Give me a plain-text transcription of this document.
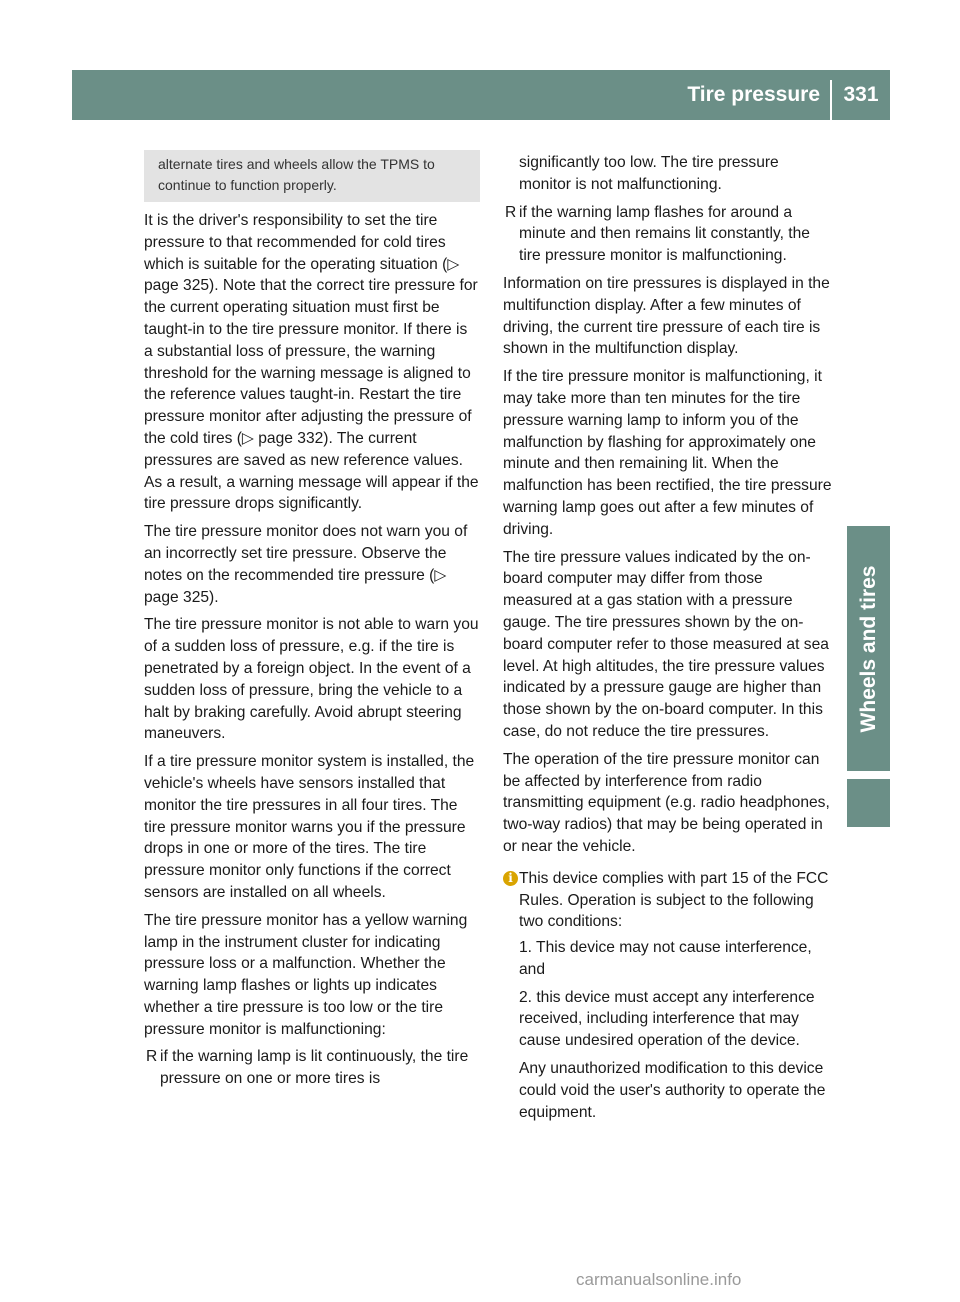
Tire pressure 331
Wheels and tires
alternate tires and wheels allow the TPMS to continue to function properly.

It is the driver's responsibility to set the tire pressure to that recommended for cold tires which is suitable for the operating situation (▷ page 325). Note that the correct tire pressure for the current operating situation must first be taught-in to the tire pressure monitor. If there is a substantial loss of pressure, the warning threshold for the warning message is aligned to the reference values taught-in. Restart the tire pressure monitor after adjusting the pressure of the cold tires (▷ page 332). The current pressures are saved as new reference values. As a result, a warning message will appear if the tire pressure drops significantly.

The tire pressure monitor does not warn you of an incorrectly set tire pressure. Observe the notes on the recommended tire pressure (▷ page 325).

The tire pressure monitor is not able to warn you of a sudden loss of pressure, e.g. if the tire is penetrated by a foreign object. In the event of a sudden loss of pressure, bring the vehicle to a halt by braking carefully. Avoid abrupt steering maneuvers.

If a tire pressure monitor system is installed, the vehicle's wheels have sensors installed that monitor the tire pressures in all four tires. The tire pressure monitor warns you if the pressure drops in one or more of the tires. The tire pressure monitor only functions if the correct sensors are installed on all wheels.

The tire pressure monitor has a yellow warning lamp in the instrument cluster for indicating pressure loss or a malfunction. Whether the warning lamp flashes or lights up indicates whether a tire pressure is too low or the tire pressure monitor is malfunctioning:

R if the warning lamp is lit continuously, the tire pressure on one or more tires is
significantly too low. The tire pressure monitor is not malfunctioning.
R if the warning lamp flashes for around a minute and then remains lit constantly, the tire pressure monitor is malfunctioning.

Information on tire pressures is displayed in the multifunction display. After a few minutes of driving, the current tire pressure of each tire is shown in the multifunction display.

If the tire pressure monitor is malfunctioning, it may take more than ten minutes for the tire pressure warning lamp to inform you of the malfunction by flashing for approximately one minute and then remaining lit. When the malfunction has been rectified, the tire pressure warning lamp goes out after a few minutes of driving.

The tire pressure values indicated by the on-board computer may differ from those measured at a gas station with a pressure gauge. The tire pressures shown by the on-board computer refer to those measured at sea level. At high altitudes, the tire pressure values indicated by a pressure gauge are higher than those shown by the on-board computer. In this case, do not reduce the tire pressures.

The operation of the tire pressure monitor can be affected by interference from radio transmitting equipment (e.g. radio headphones, two-way radios) that may be being operated in or near the vehicle.

i This device complies with part 15 of the FCC Rules. Operation is subject to the following two conditions:
1. This device may not cause interference, and
2. this device must accept any interference received, including interference that may cause undesired operation of the device.
Any unauthorized modification to this device could void the user's authority to operate the equipment.
carmanualsonline.info
